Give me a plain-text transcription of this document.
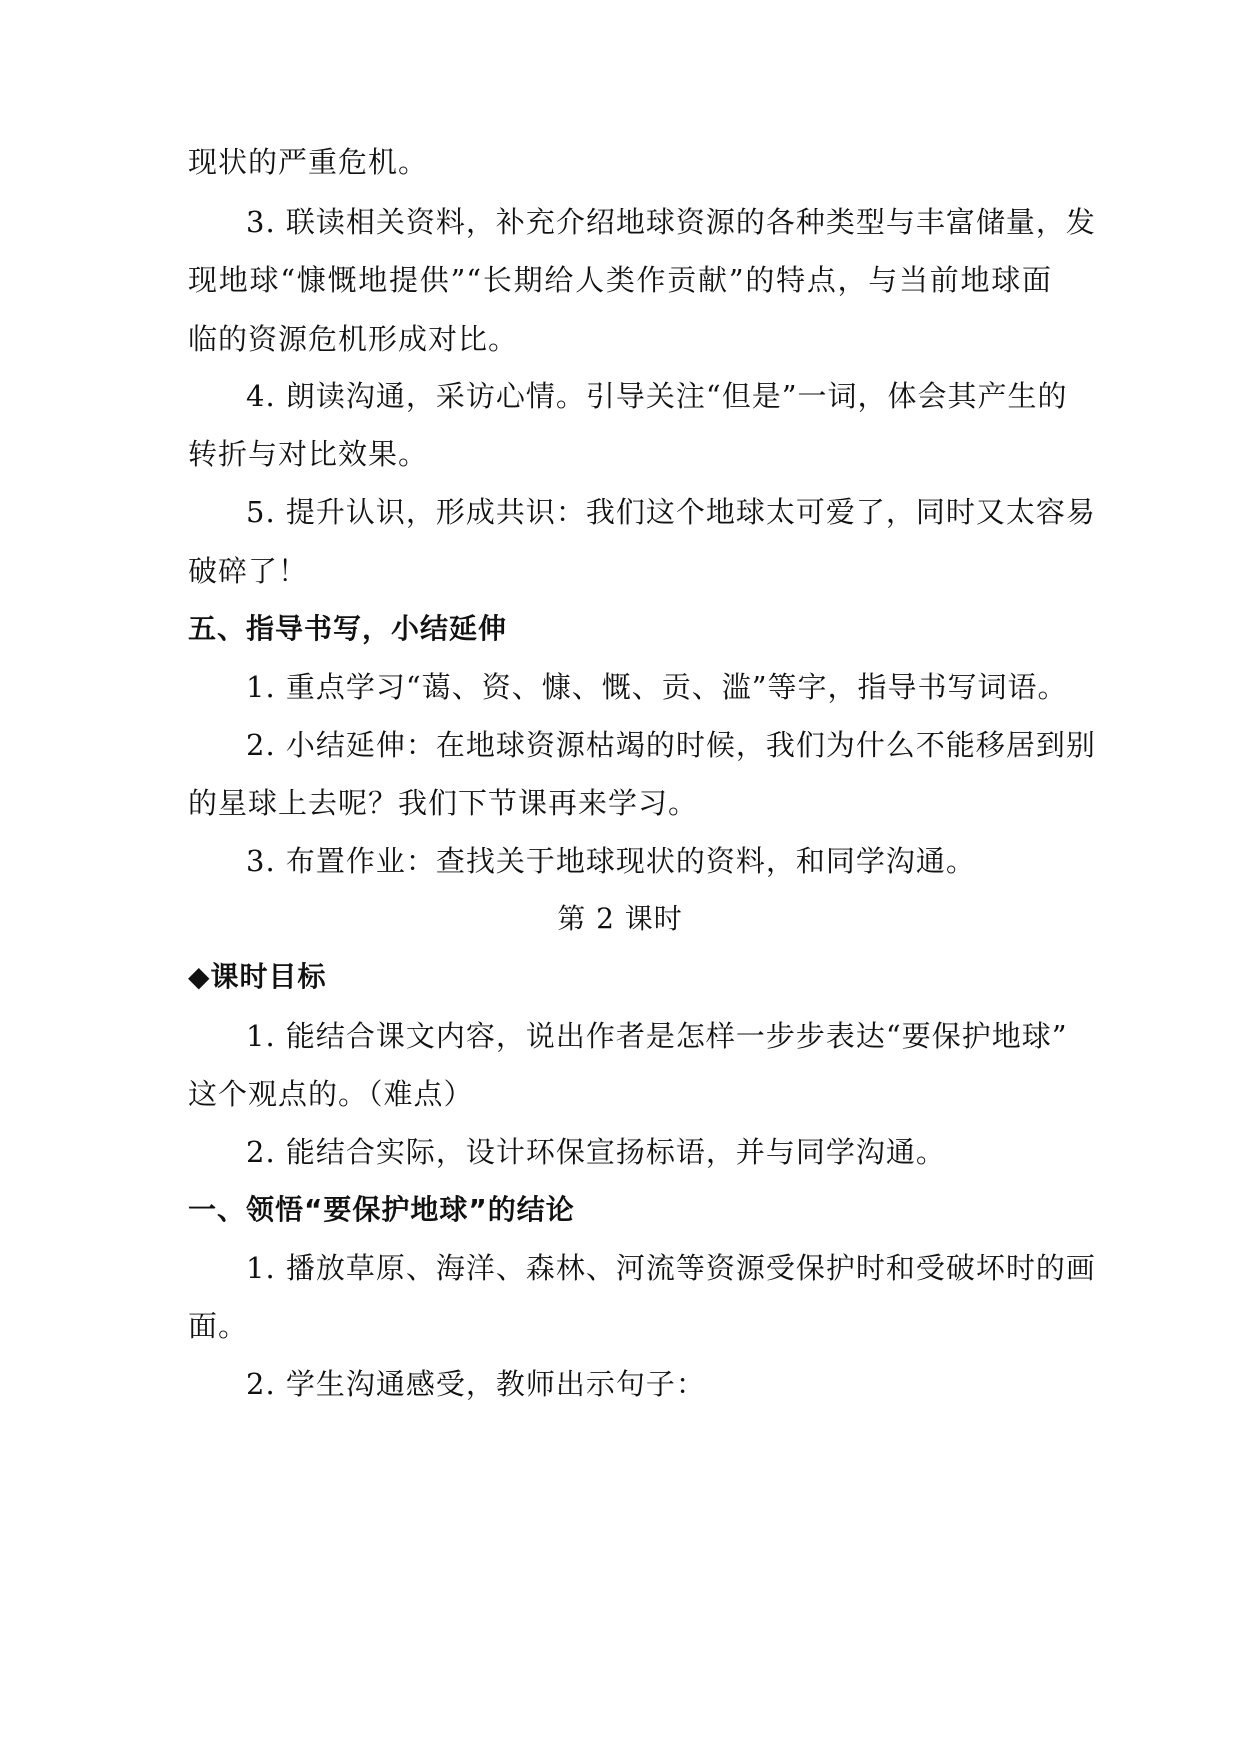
现状的严重危机。
3. 联读相关资料，补充介绍地球资源的各种类型与丰富储量，发
现地球“慷慨地提供”“长期给人类作贡献”的特点，与当前地球面
临的资源危机形成对比。
4. 朗读沟通，采访心情。引导关注“但是”一词，体会其产生的
转折与对比效果。
5. 提升认识，形成共识：我们这个地球太可爱了，同时又太容易
破碎了！
五、指导书写，小结延伸
1. 重点学习“蔼、资、慷、慨、贡、滥”等字，指导书写词语。
2. 小结延伸：在地球资源枯竭的时候，我们为什么不能移居到别
的星球上去呢？我们下节课再来学习。
3. 布置作业：查找关于地球现状的资料，和同学沟通。
第 2 课时
◆课时目标
1. 能结合课文内容，说出作者是怎样一步步表达“要保护地球”
这个观点的。（难点）
2. 能结合实际，设计环保宣扬标语，并与同学沟通。
一、领悟“要保护地球”的结论
1. 播放草原、海洋、森林、河流等资源受保护时和受破坏时的画
面。
2. 学生沟通感受，教师出示句子：
